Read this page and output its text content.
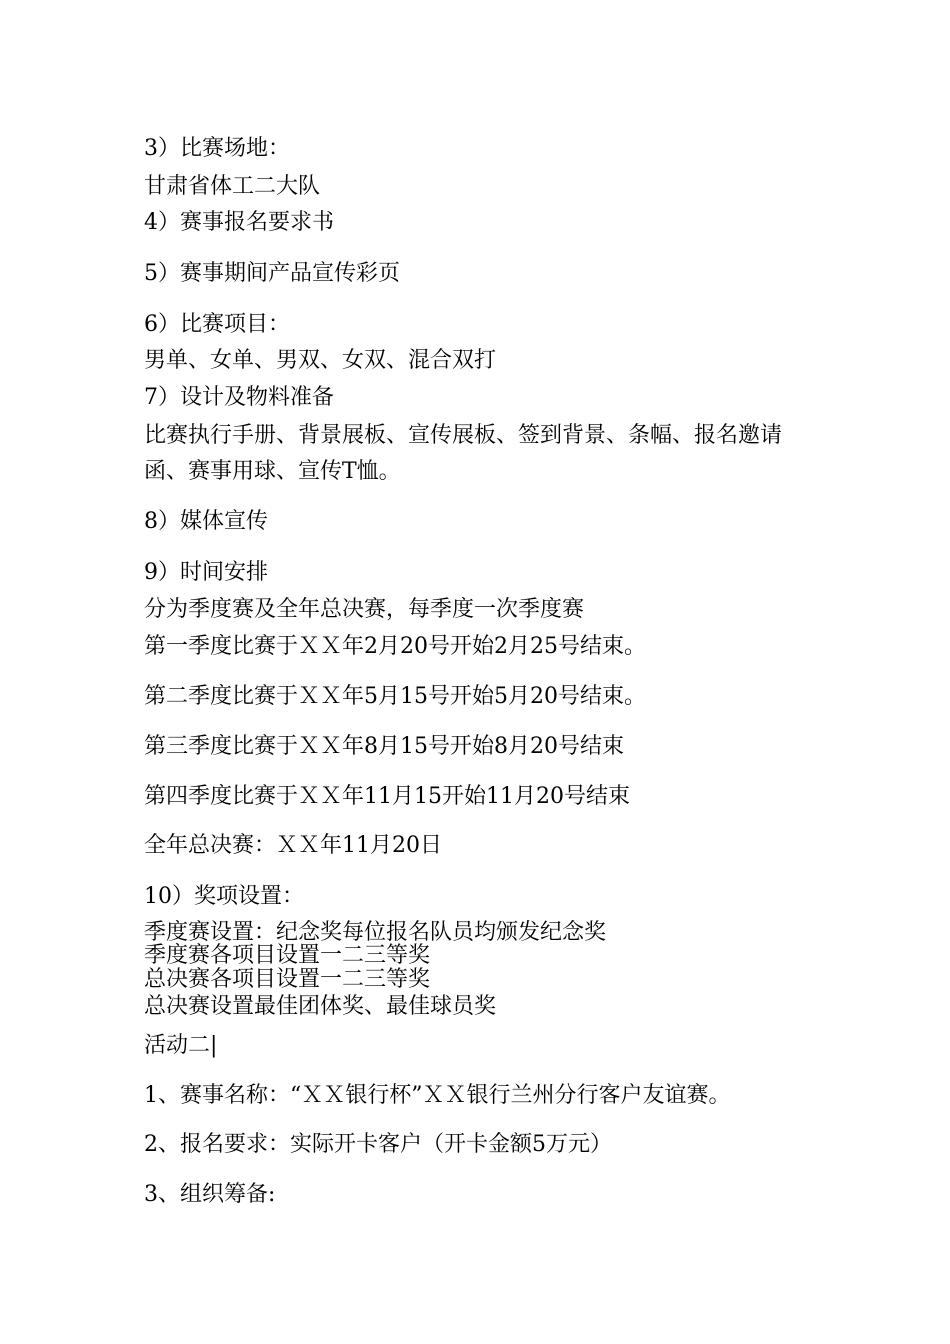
3）比赛场地：

甘肃省体工二大队

4）赛事报名要求书

5）赛事期间产品宣传彩页

6）比赛项目：

男单、女单、男双、女双、混合双打

7）设计及物料准备

比赛执行手册、背景展板、宣传展板、签到背景、条幅、报名邀请

函、赛事用球、宣传T恤。

8）媒体宣传

9）时间安排

分为季度赛及全年总决赛，每季度一次季度赛

第一季度比赛于ＸＸ年2月20号开始2月25号结束。

第二季度比赛于ＸＸ年5月15号开始5月20号结束。

第三季度比赛于ＸＸ年8月15号开始8月20号结束

第四季度比赛于ＸＸ年11月15开始11月20号结束

全年总决赛：ＸＸ年11月20日

10）奖项设置：

季度赛设置：纪念奖每位报名队员均颁发纪念奖

季度赛各项目设置一二三等奖

总决赛各项目设置一二三等奖

总决赛设置最佳团体奖、最佳球员奖

活动二|

1、赛事名称：“ＸＸ银行杯”ＸＸ银行兰州分行客户友谊赛。

2、报名要求：实际开卡客户（开卡金额5万元）

3、组织筹备:
